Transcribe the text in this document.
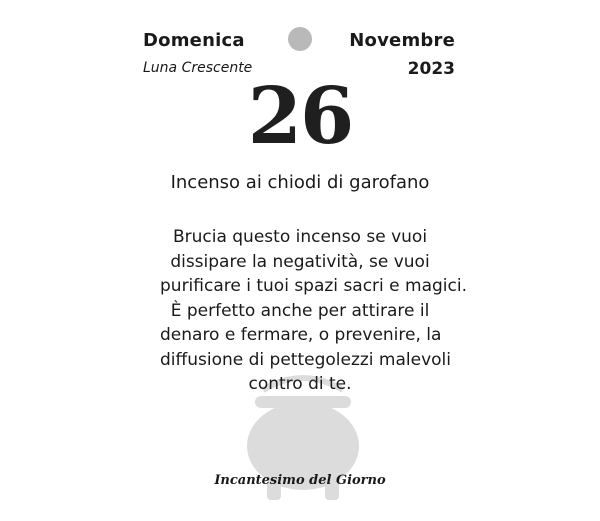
Domenica	Novembre
Luna Crescente	2023
26
Incenso ai chiodi di garofano
Brucia questo incenso se vuoi
dissipare la negatività, se vuoi
purificare i tuoi spazi sacri e magici.
È perfetto anche per attirare il
denaro e fermare, o prevenire, la
diffusione di pettegolezzi malevoli
contro di te.
Incantesimo del Giorno
